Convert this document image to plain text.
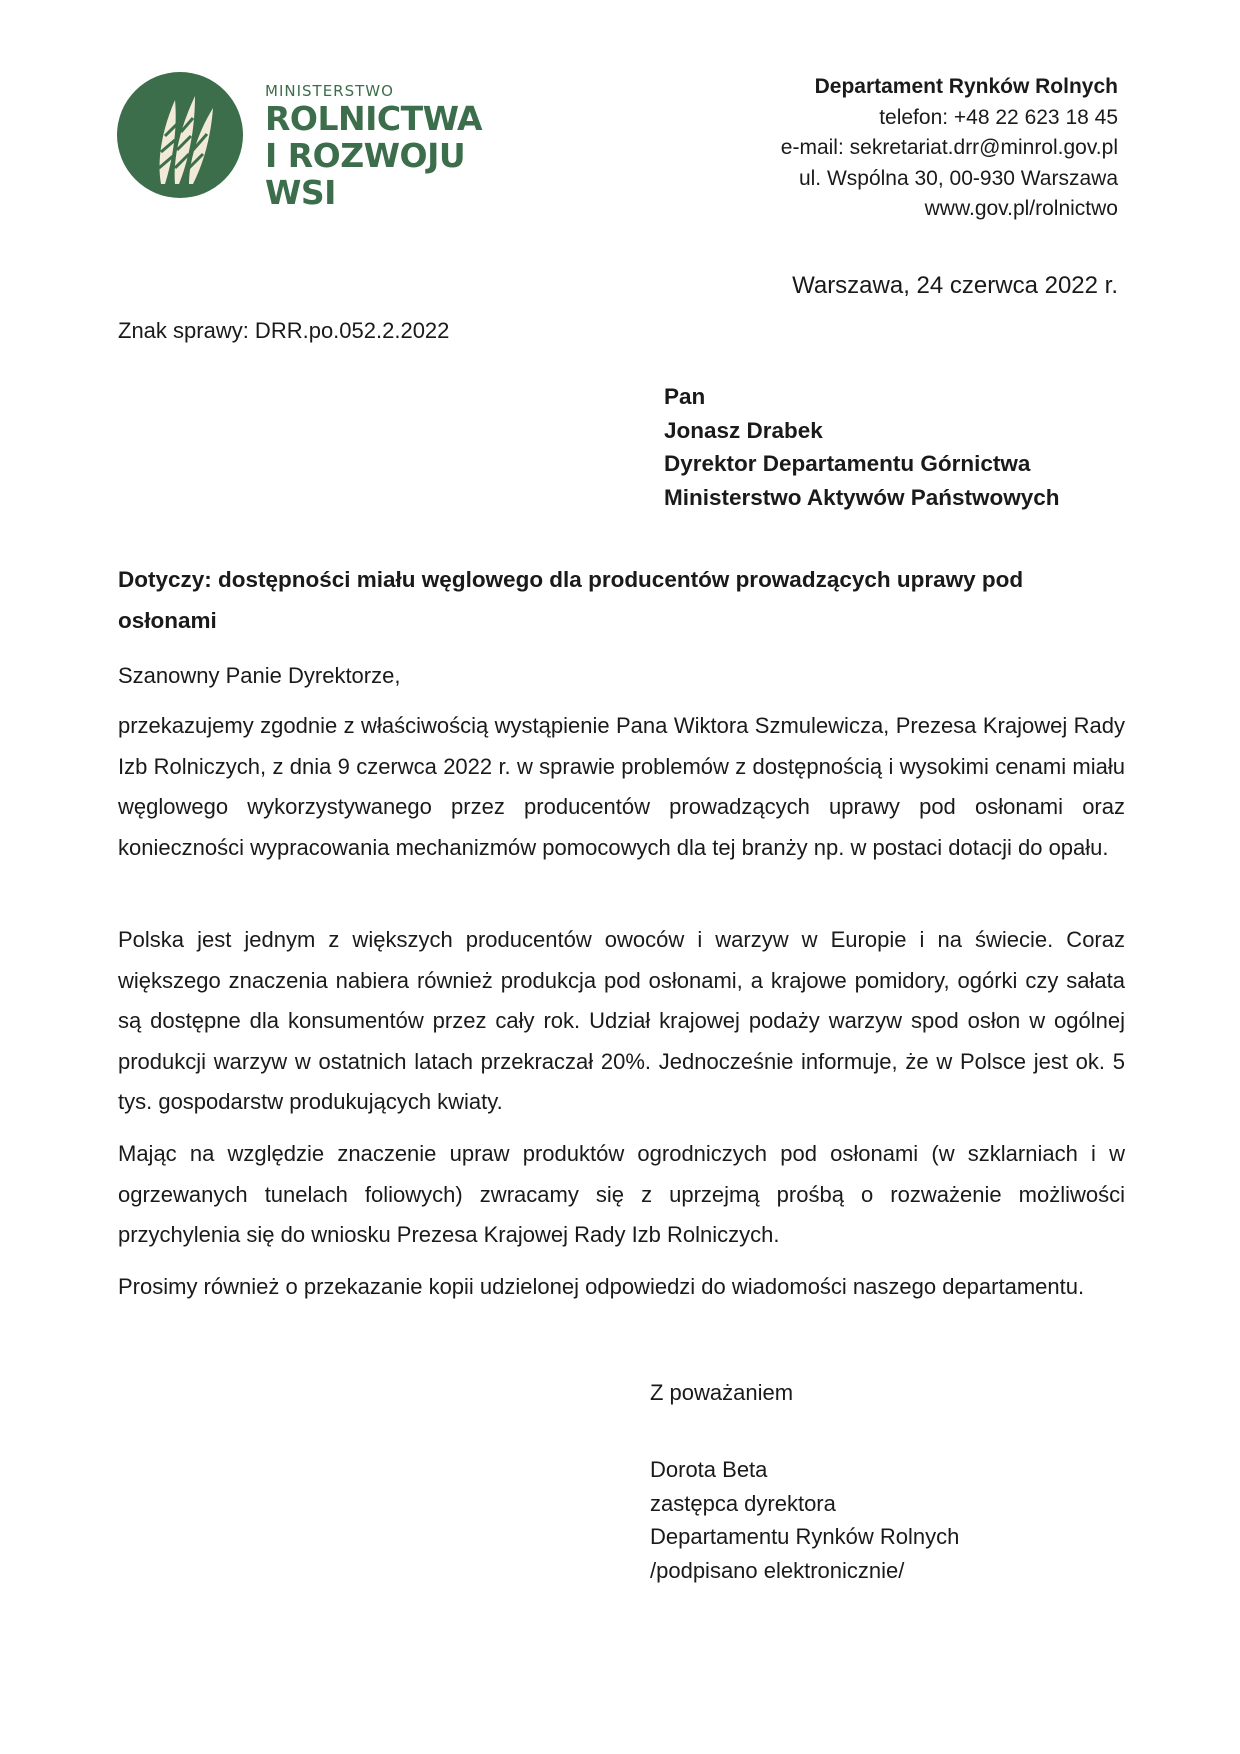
MINISTERSTWO
ROLNICTWA
I ROZWOJU WSI
Departament Rynków Rolnych
telefon: +48 22 623 18 45
e-mail: sekretariat.drr@minrol.gov.pl
ul. Wspólna 30, 00-930 Warszawa
www.gov.pl/rolnictwo
Warszawa, 24 czerwca 2022 r.
Znak sprawy: DRR.po.052.2.2022
Pan
Jonasz Drabek
Dyrektor Departamentu Górnictwa
Ministerstwo Aktywów Państwowych
Dotyczy: dostępności miału węglowego dla producentów prowadzących uprawy pod osłonami
Szanowny Panie Dyrektorze,
przekazujemy zgodnie z właściwością wystąpienie Pana Wiktora Szmulewicza, Prezesa Krajowej Rady Izb Rolniczych, z dnia 9 czerwca 2022 r. w sprawie problemów z dostępnością i wysokimi cenami miału węglowego wykorzystywanego przez producentów prowadzących uprawy pod osłonami oraz konieczności wypracowania mechanizmów pomocowych dla tej branży np. w postaci dotacji do opału.
Polska jest jednym z większych producentów owoców i warzyw w Europie i na świecie. Coraz większego znaczenia nabiera również produkcja pod osłonami, a krajowe pomidory, ogórki czy sałata są dostępne dla konsumentów przez cały rok. Udział krajowej podaży warzyw spod osłon w ogólnej produkcji warzyw w ostatnich latach przekraczał 20%. Jednocześnie informuje, że w Polsce jest ok. 5 tys. gospodarstw produkujących kwiaty.
Mając na względzie znaczenie upraw produktów ogrodniczych pod osłonami (w szklarniach i w ogrzewanych tunelach foliowych) zwracamy się z uprzejmą prośbą o rozważenie możliwości przychylenia się do wniosku Prezesa Krajowej Rady Izb Rolniczych.
Prosimy również o przekazanie kopii udzielonej odpowiedzi do wiadomości naszego departamentu.
Z poważaniem
Dorota Beta
zastępca dyrektora
Departamentu Rynków Rolnych
/podpisano elektronicznie/
